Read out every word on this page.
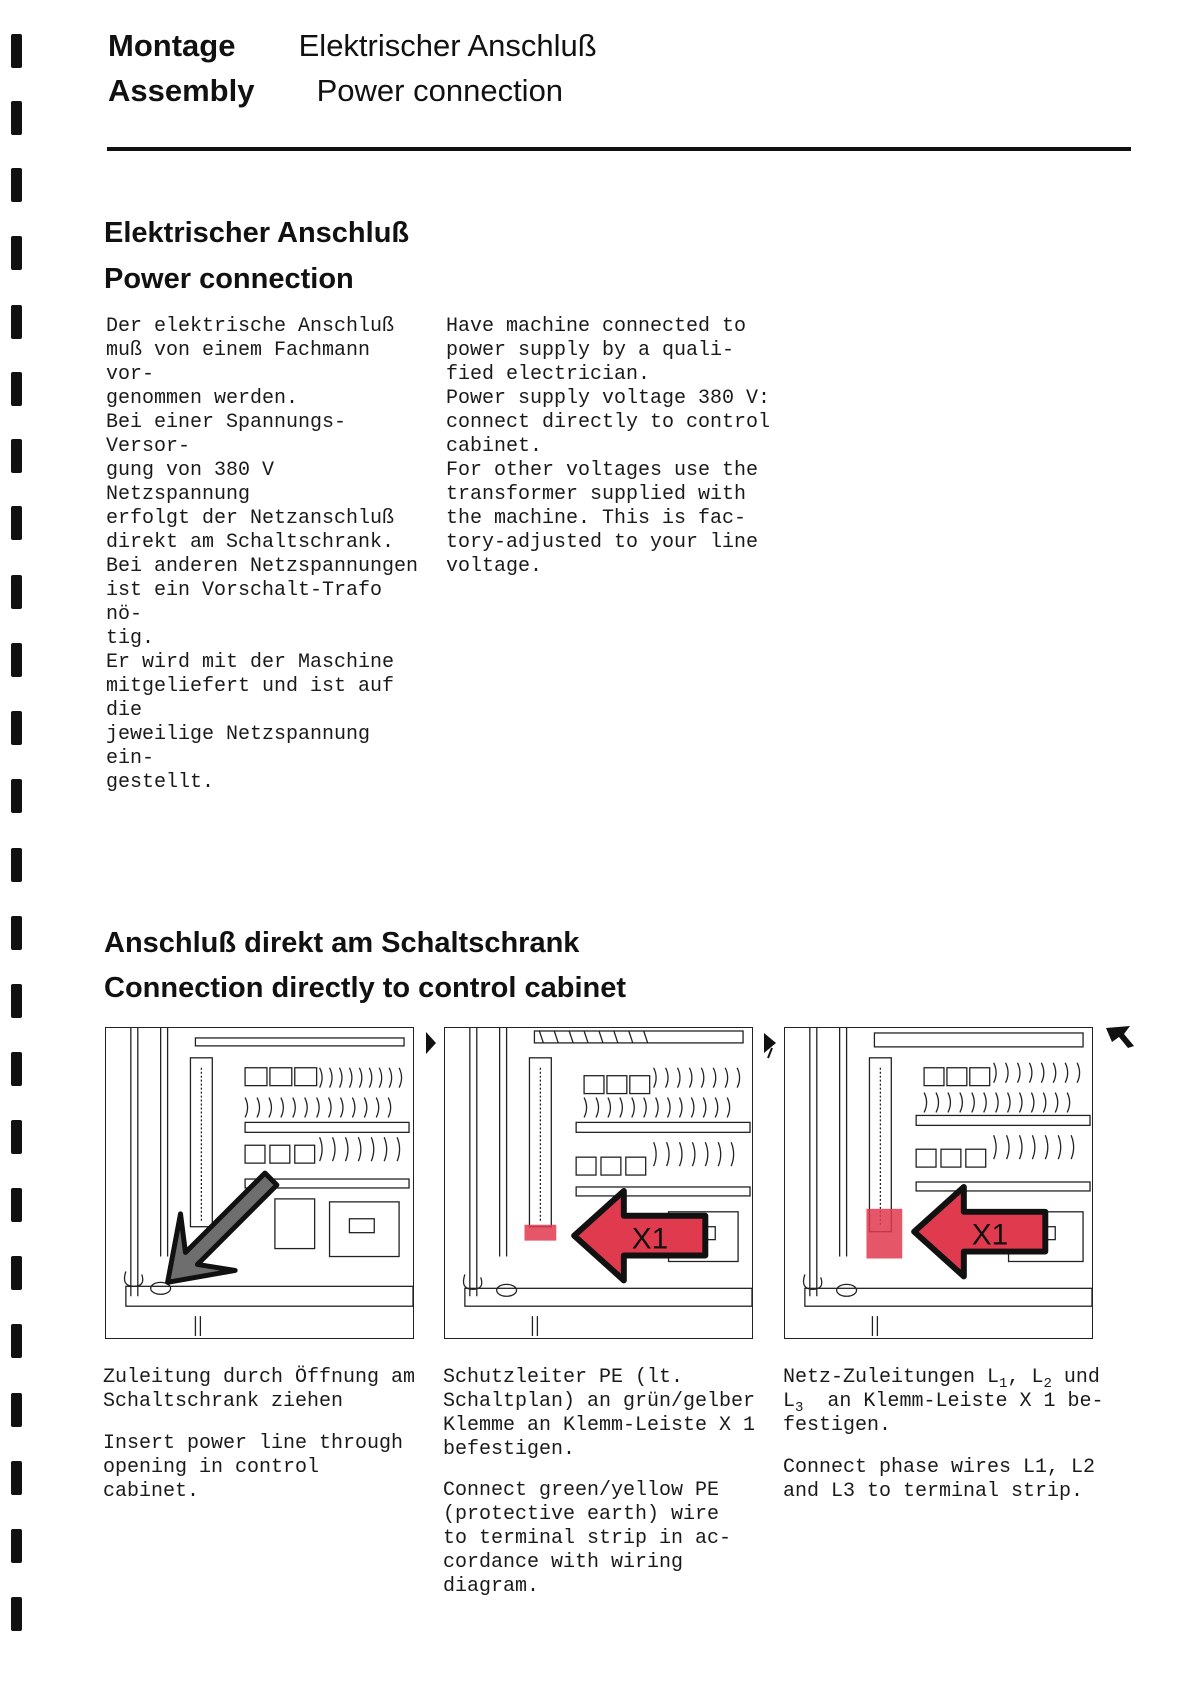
Montage Elektrischer Anschluß
Assembly Power connection
Elektrischer Anschluß
Power connection
Der elektrische Anschluß
muß von einem Fachmann vor-
genommen werden.
Bei einer Spannungs-Versor-
gung von 380 V Netzspannung
erfolgt der Netzanschluß
direkt am Schaltschrank.
Bei anderen Netzspannungen
ist ein Vorschalt-Trafo nö-
tig.
Er wird mit der Maschine
mitgeliefert und ist auf die
jeweilige Netzspannung ein-
gestellt.
Have machine connected to
power supply by a quali-
fied electrician.
Power supply voltage 380 V:
connect directly to control
cabinet.
For other voltages use the
transformer supplied with
the machine. This is fac-
tory-adjusted to your line
voltage.
Anschluß direkt am Schaltschrank
Connection directly to control cabinet
X1	X1
Zuleitung durch Öffnung am
Schaltschrank ziehen
Insert power line through
opening in control cabinet.
Schutzleiter PE (lt.
Schaltplan) an grün/gelber
Klemme an Klemm-Leiste X 1
befestigen.
Connect green/yellow PE
(protective earth) wire
to terminal strip in ac-
cordance with wiring
diagram.
Netz-Zuleitungen $L_1$, $L_2$ und
$L_3$  an Klemm-Leiste X 1 be-
festigen.
Connect phase wires L1, L2
and L3 to terminal strip.
